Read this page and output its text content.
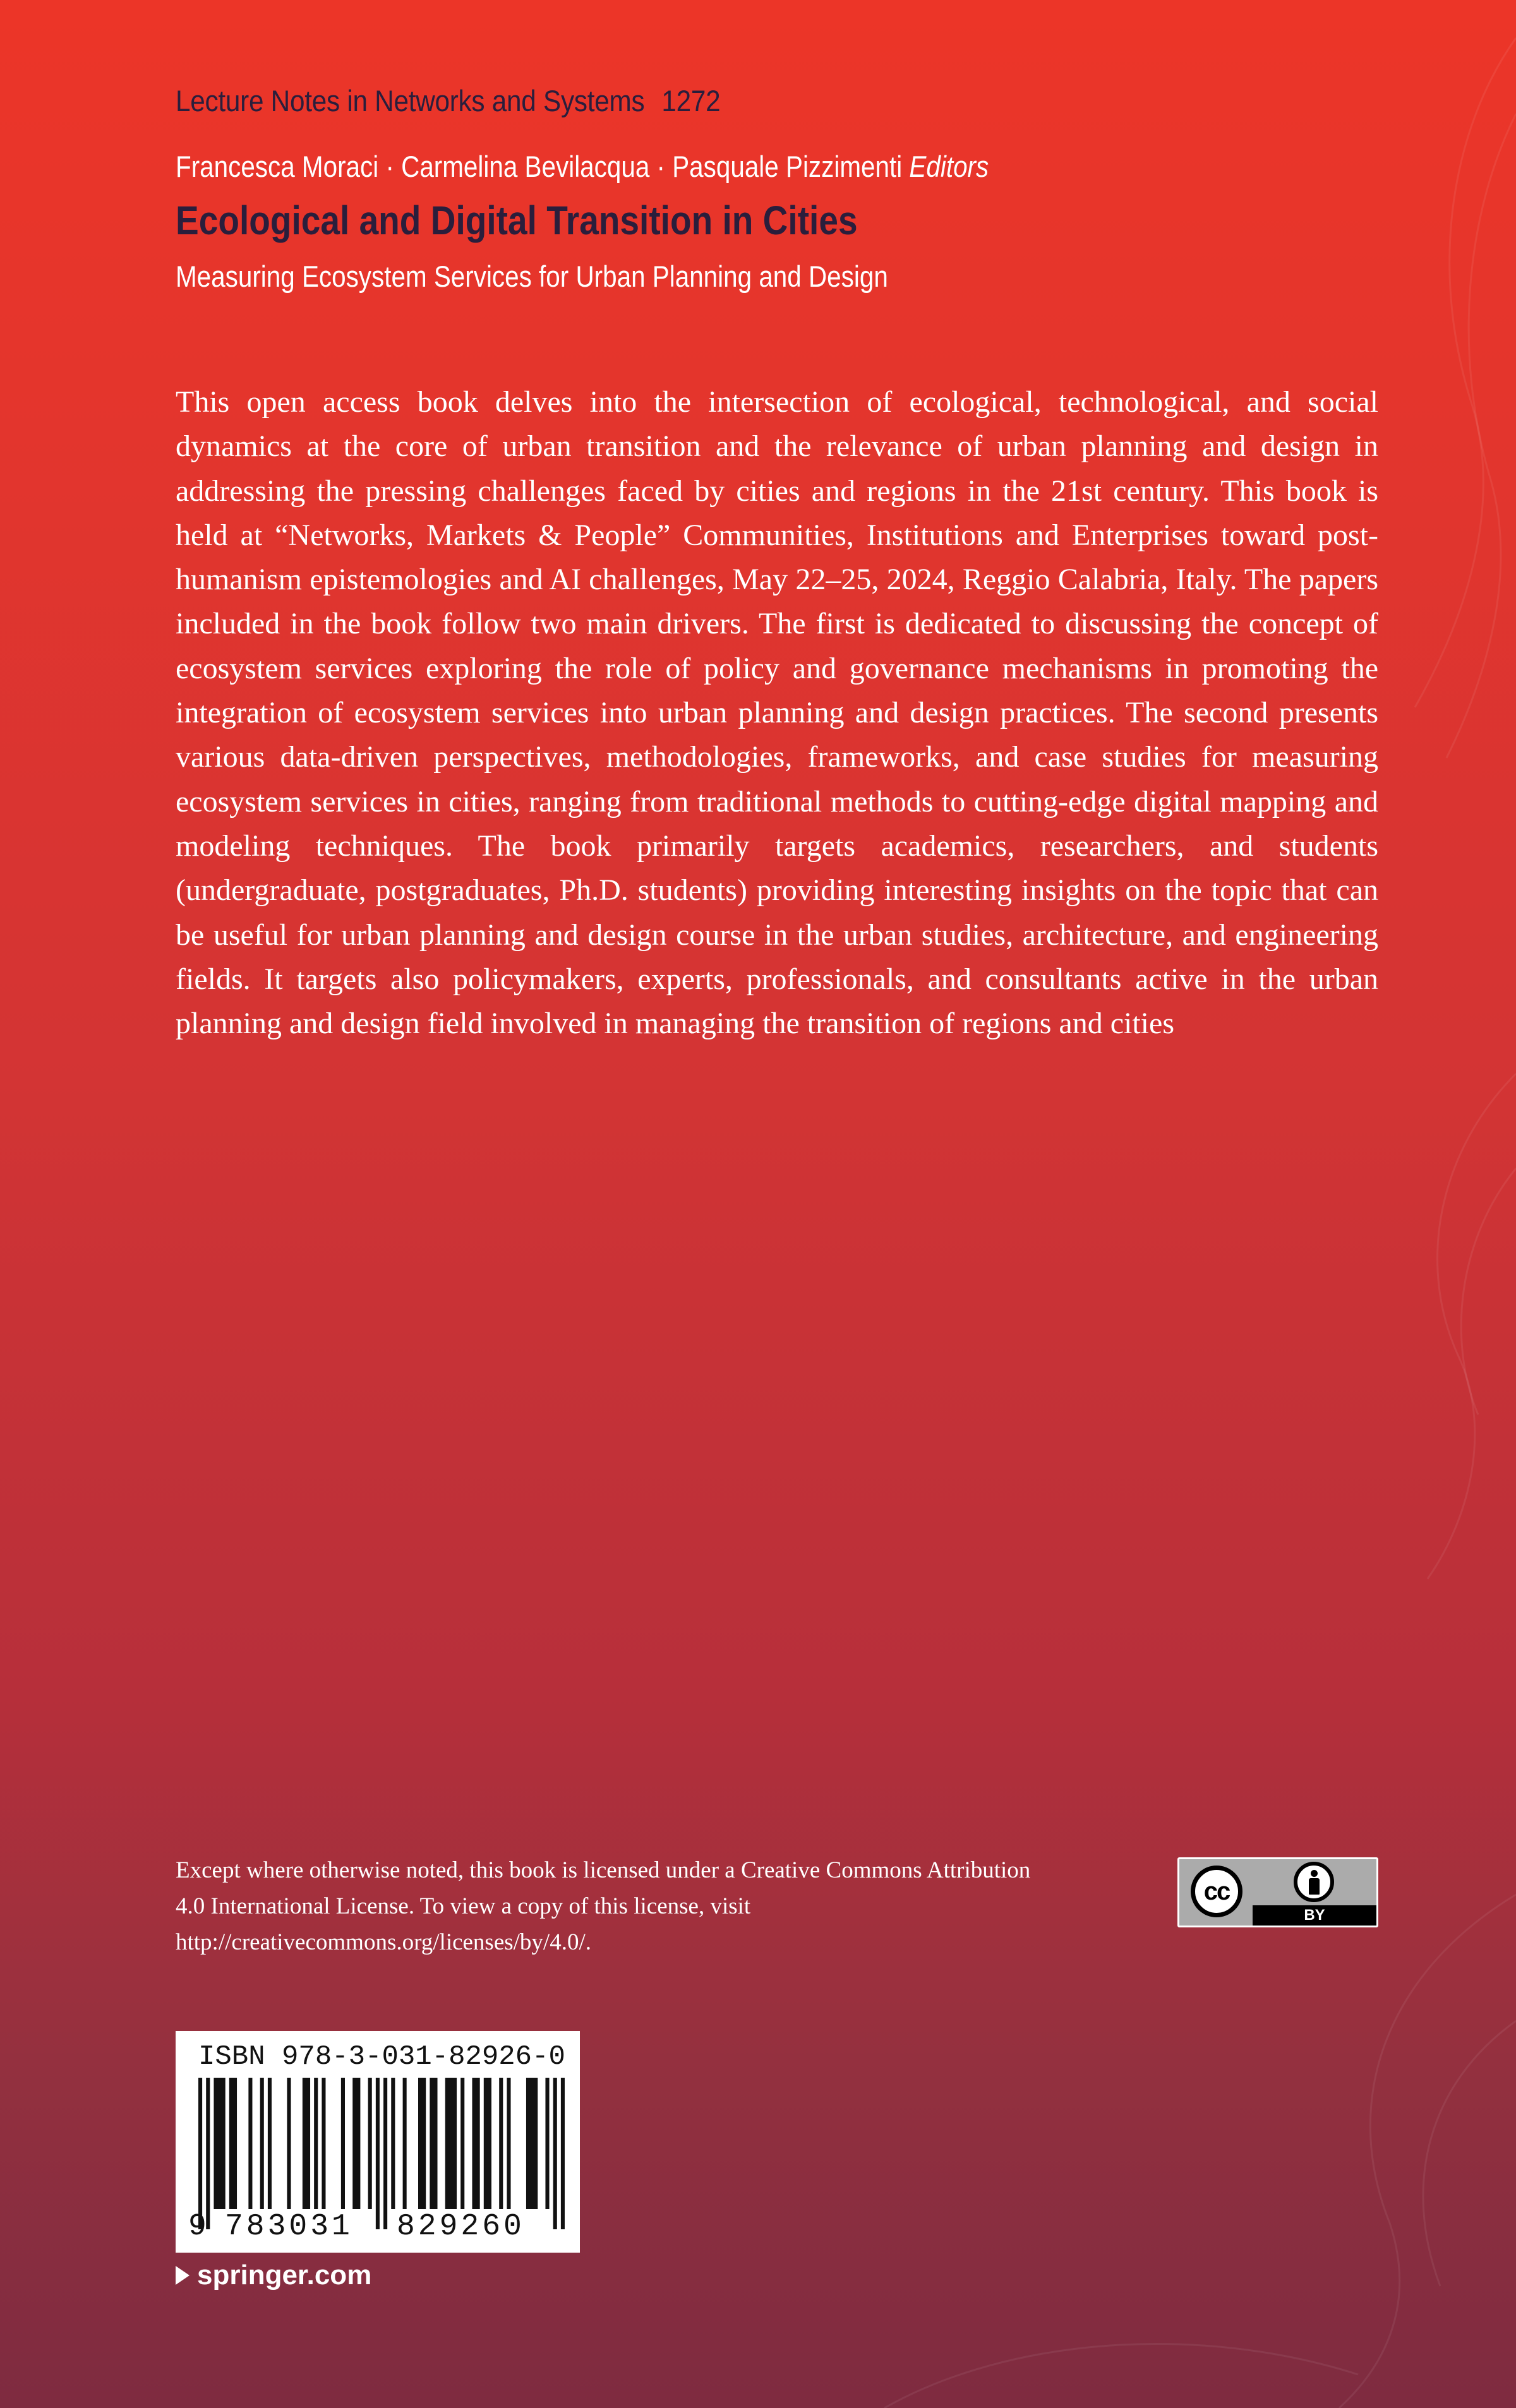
Lecture Notes in Networks and Systems 1272
Francesca Moraci · Carmelina Bevilacqua · Pasquale Pizzimenti Editors
Ecological and Digital Transition in Cities
Measuring Ecosystem Services for Urban Planning and Design

This open access book delves into the intersection of ecological, technological, and social dynamics at the core of urban transition and the relevance of urban planning and design in addressing the pressing challenges faced by cities and regions in the 21st century. This book is held at “Networks, Markets & People” Communities, Institutions and Enterprises toward post-humanism epistemologies and AI challenges, May 22–25, 2024, Reggio Calabria, Italy. The papers included in the book follow two main drivers. The first is dedicated to discussing the concept of ecosystem services exploring the role of policy and governance mechanisms in promoting the integration of ecosystem services into urban planning and design practices. The second presents various data-driven perspectives, methodologies, frameworks, and case studies for measuring ecosystem services in cities, ranging from traditional methods to cutting-edge digital mapping and modeling techniques. The book primarily targets academics, researchers, and students (undergraduate, postgraduates, Ph.D. students) providing interesting insights on the topic that can be useful for urban planning and design course in the urban studies, architecture, and engineering fields. It targets also policymakers, experts, professionals, and consultants active in the urban planning and design field involved in managing the transition of regions and cities

Except where otherwise noted, this book is licensed under a Creative Commons Attribution 4.0 International License. To view a copy of this license, visit http://creativecommons.org/licenses/by/4.0/.

cc
BY
ISBN 978-3-031-82926-0
9 783031 829260
springer.com
